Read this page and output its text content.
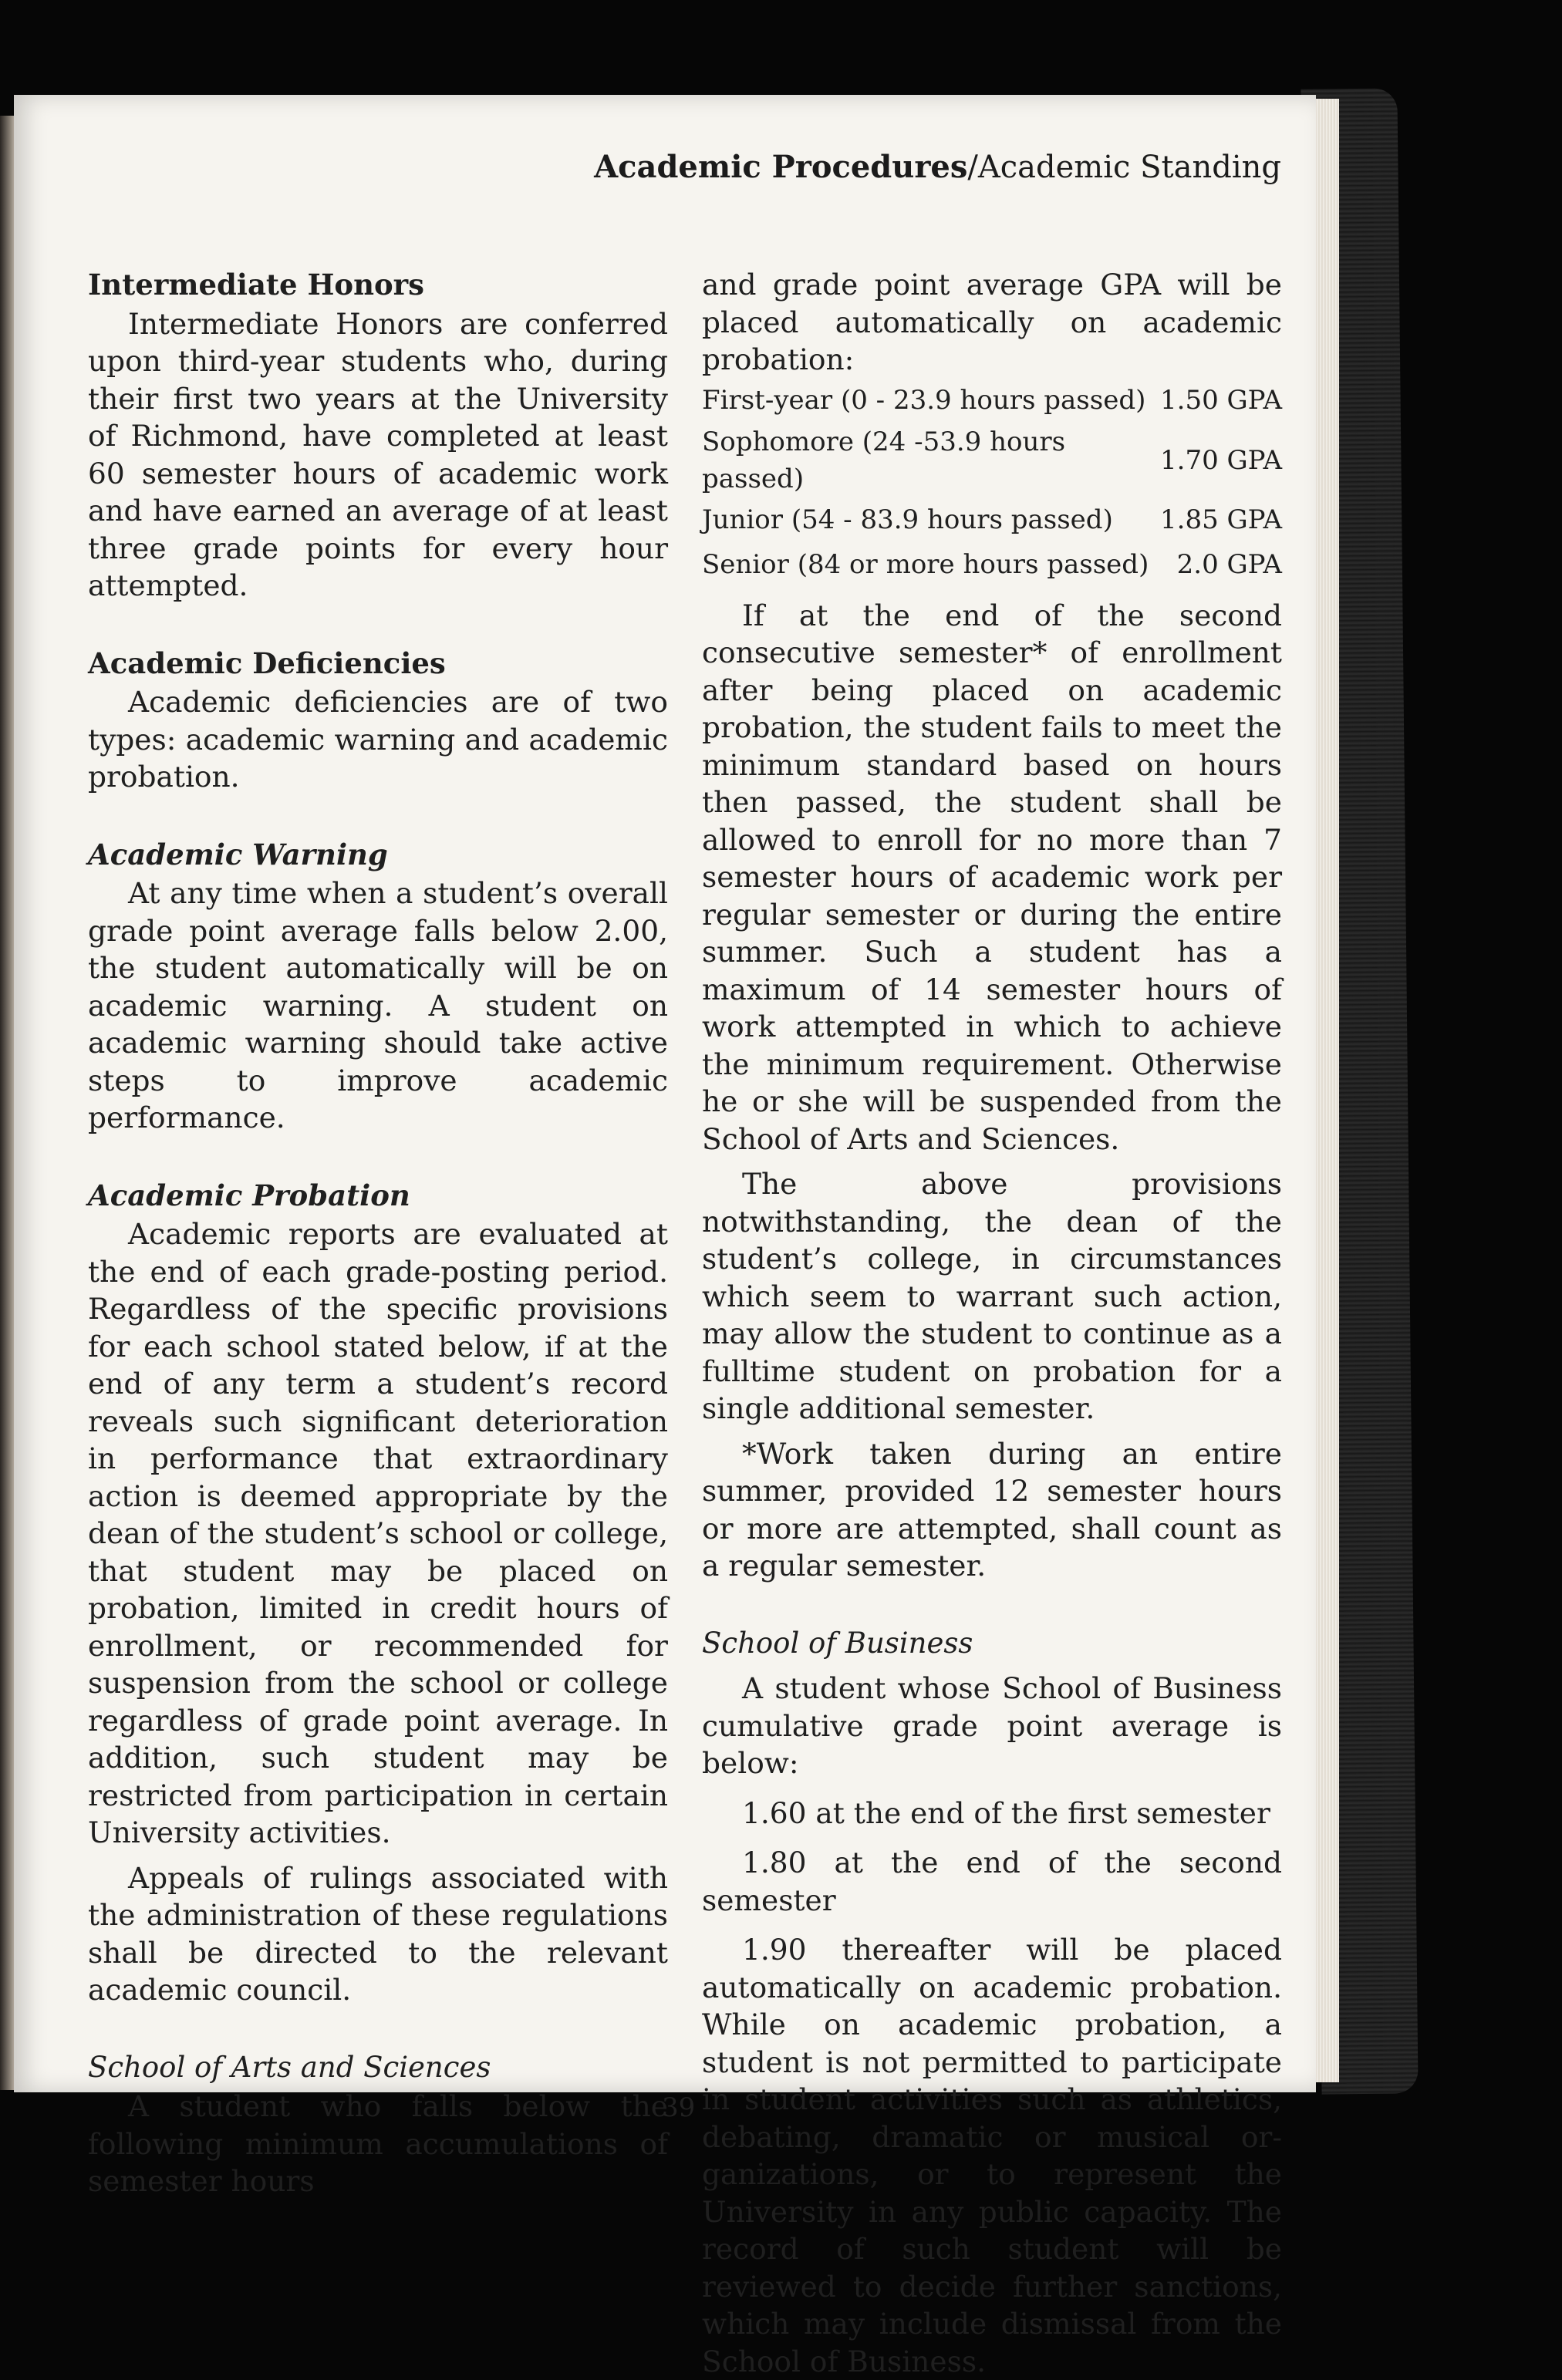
Academic Procedures/Academic Standing
Intermediate Honors

Intermediate Honors are conferred upon third-year students who, during their first two years at the University of Richmond, have completed at least 60 semester hours of academic work and have earned an average of at least three grade points for every hour attempted.

Academic Deficiencies

Academic deficiencies are of two types: academic warning and academic probation.

Academic Warning

At any time when a student’s overall grade point average falls below 2.00, the student automatically will be on academic warning. A student on academic warning should take active steps to improve academic performance.

Academic Probation

Academic reports are evaluated at the end of each grade-posting period. Regardless of the specific provisions for each school stated below, if at the end of any term a student’s record reveals such significant deterioration in performance that extraordinary action is deemed appropriate by the dean of the student’s school or college, that student may be placed on probation, limited in credit hours of enrollment, or recommended for suspension from the school or college regardless of grade point average. In addition, such student may be restricted from participation in certain University activities.

Appeals of rulings associated with the administration of these regulations shall be directed to the relevant academic council.

School of Arts and Sciences

A student who falls below the following minimum accumulations of semester hours

and grade point average GPA will be placed automatically on academic probation:

First-year (0 - 23.9 hours passed)	1.50 GPA
Sophomore (24 -53.9 hours passed)	1.70 GPA
Junior (54 - 83.9 hours passed)	1.85 GPA
Senior (84 or more hours passed)	2.0 GPA

If at the end of the second consecutive semester* of enrollment after being placed on academic probation, the student fails to meet the minimum standard based on hours then passed, the student shall be allowed to enroll for no more than 7 semester hours of academic work per regular semester or during the entire summer. Such a student has a maximum of 14 semester hours of work attempted in which to achieve the minimum requirement. Otherwise he or she will be suspended from the School of Arts and Sciences.

The above provisions notwithstanding, the dean of the student’s college, in circumstances which seem to warrant such action, may allow the student to continue as a fulltime student on probation for a single additional semester.

*Work taken during an entire summer, provided 12 semester hours or more are attempted, shall count as a regular semester.

School of Business

A student whose School of Business cumulative grade point average is below:

1.60 at the end of the first semester

1.80 at the end of the second semester

1.90 thereafter will be placed automatically on academic probation. While on academic probation, a student is not permitted to participate in student activities such as athletics, debating, dramatic or musical organizations, or to represent the University in any public capacity. The record of such student will be reviewed to decide further sanctions, which may include dismissal from the School of Business.

39
